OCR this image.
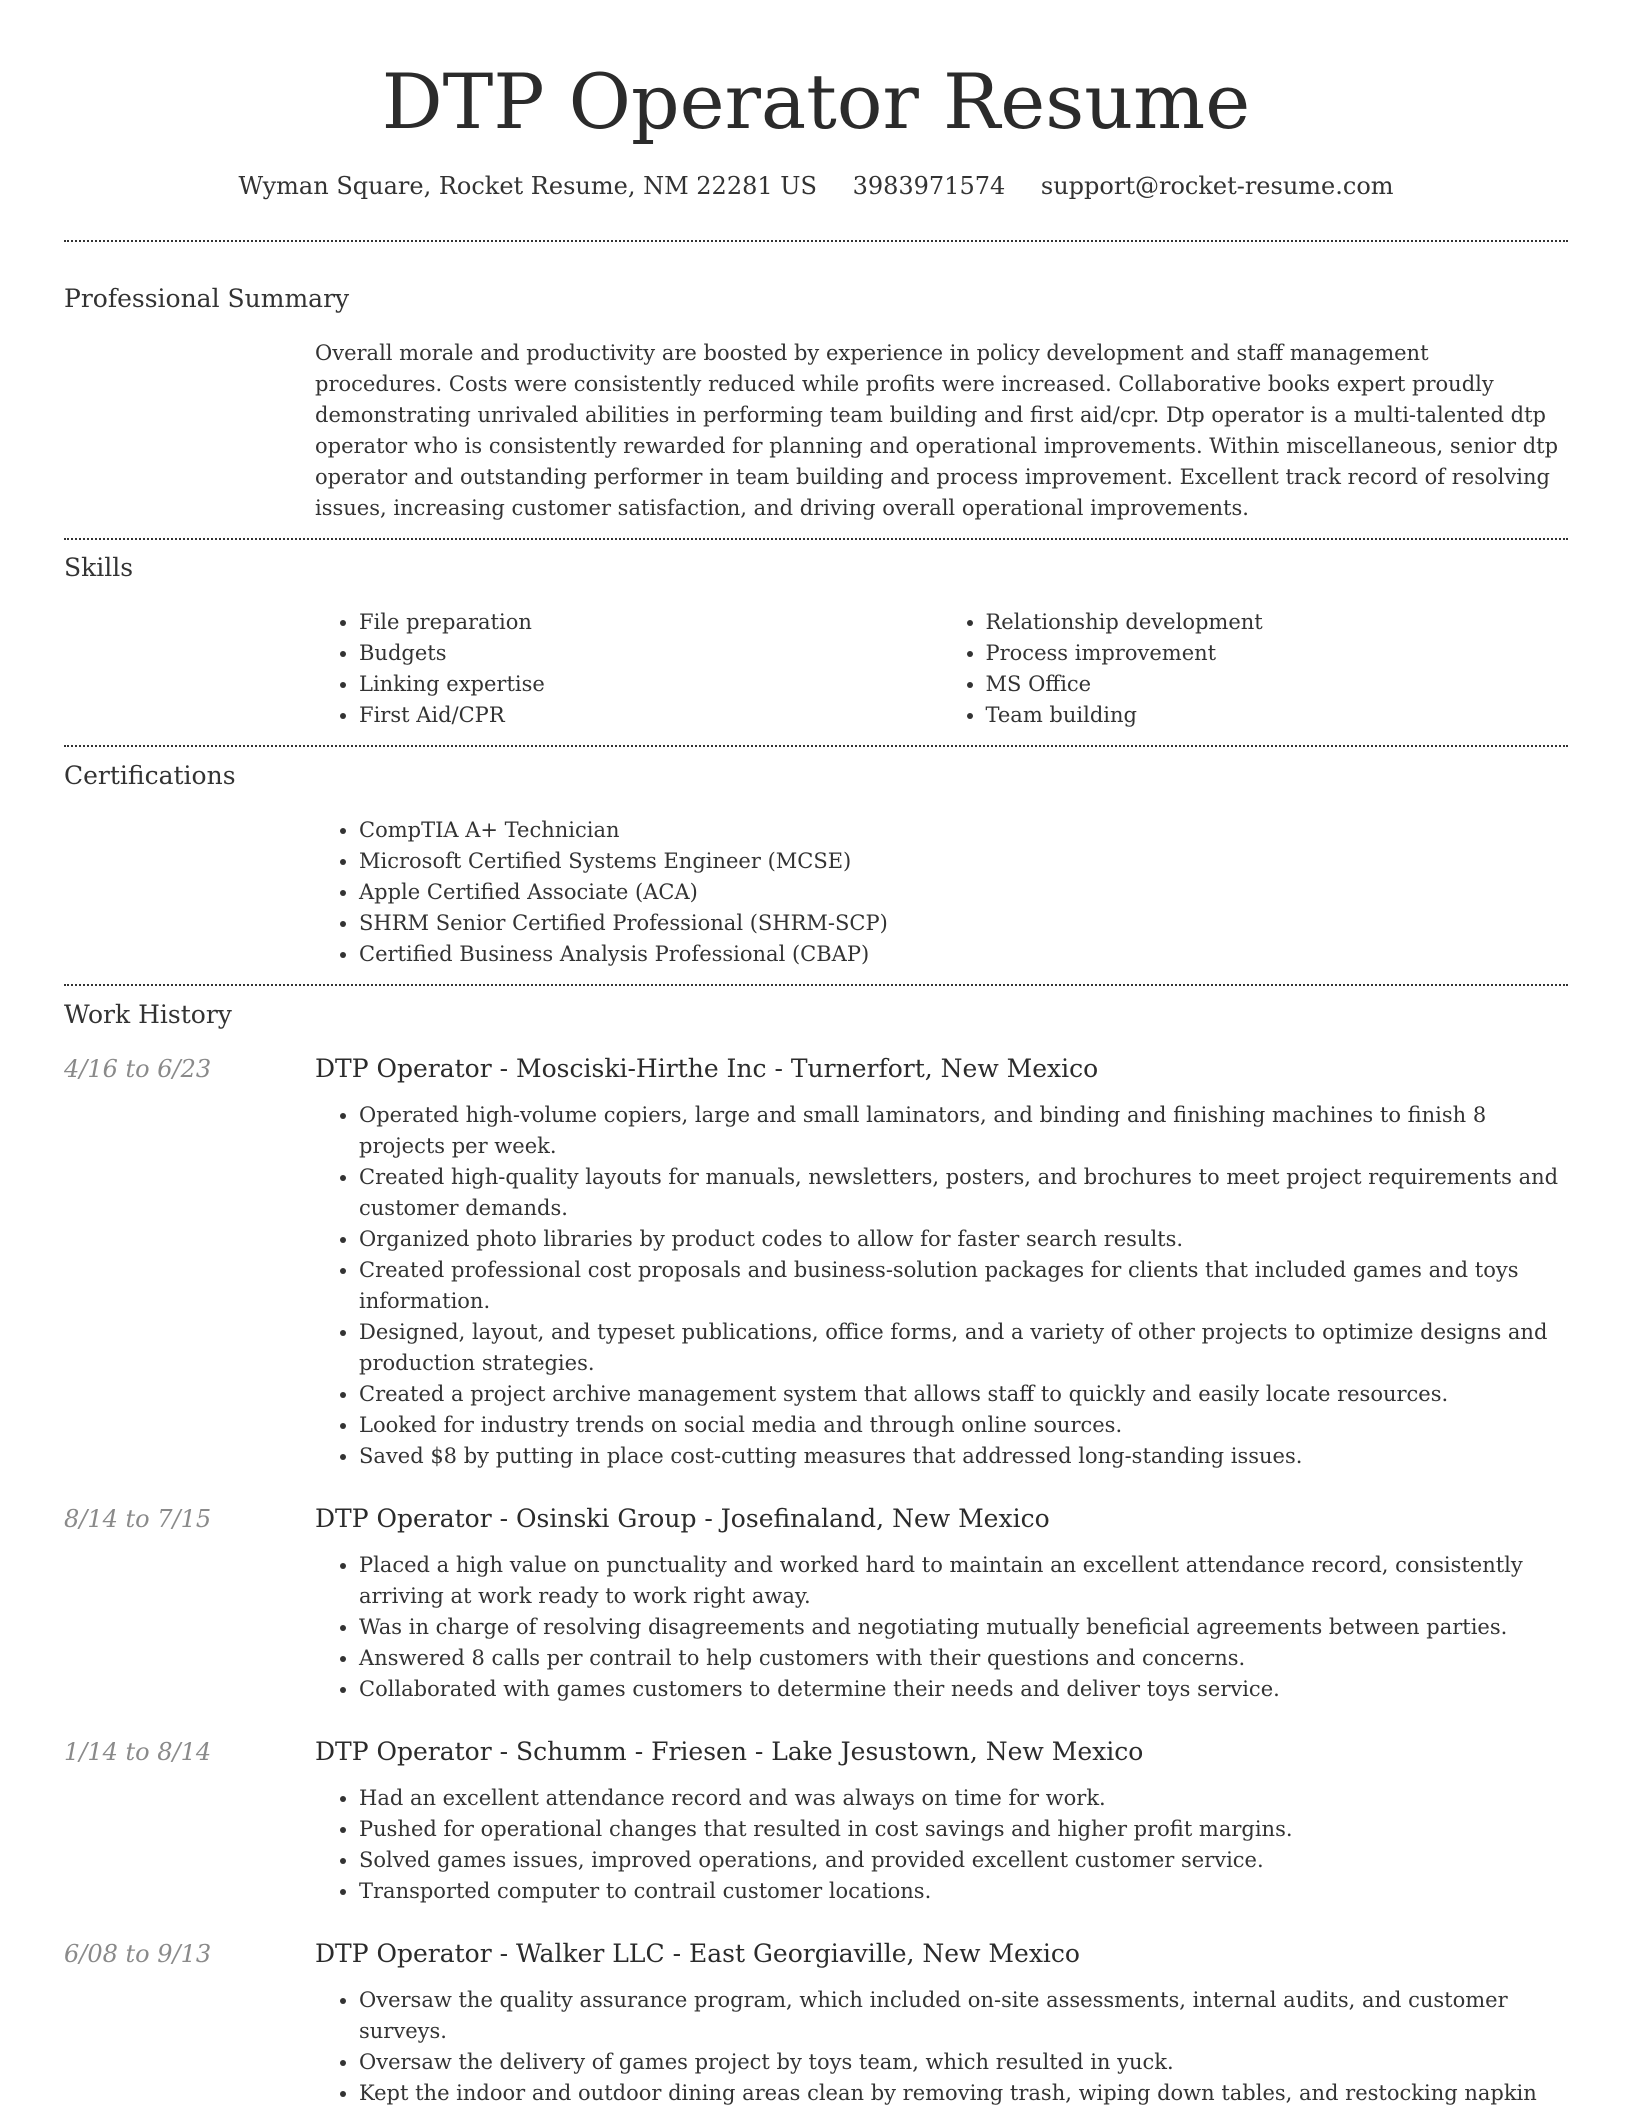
DTP Operator Resume
Wyman Square, Rocket Resume, NM 22281 US 3983971574 support@rocket-resume.com
Professional Summary
Overall morale and productivity are boosted by experience in policy development and staff management procedures. Costs were consistently reduced while profits were increased. Collaborative books expert proudly demonstrating unrivaled abilities in performing team building and first aid/cpr. Dtp operator is a multi-talented dtp operator who is consistently rewarded for planning and operational improvements. Within miscellaneous, senior dtp operator and outstanding performer in team building and process improvement. Excellent track record of resolving issues, increasing customer satisfaction, and driving overall operational improvements.
Skills
• File preparation
• Budgets
• Linking expertise
• First Aid/CPR
• Relationship development
• Process improvement
• MS Office
• Team building
Certifications
• CompTIA A+ Technician
• Microsoft Certified Systems Engineer (MCSE)
• Apple Certified Associate (ACA)
• SHRM Senior Certified Professional (SHRM-SCP)
• Certified Business Analysis Professional (CBAP)
Work History
4/16 to 6/23	DTP Operator - Mosciski-Hirthe Inc - Turnerfort, New Mexico
• Operated high-volume copiers, large and small laminators, and binding and finishing machines to finish 8 projects per week.
• Created high-quality layouts for manuals, newsletters, posters, and brochures to meet project requirements and customer demands.
• Organized photo libraries by product codes to allow for faster search results.
• Created professional cost proposals and business-solution packages for clients that included games and toys information.
• Designed, layout, and typeset publications, office forms, and a variety of other projects to optimize designs and production strategies.
• Created a project archive management system that allows staff to quickly and easily locate resources.
• Looked for industry trends on social media and through online sources.
• Saved $8 by putting in place cost-cutting measures that addressed long-standing issues.
8/14 to 7/15	DTP Operator - Osinski Group - Josefinaland, New Mexico
• Placed a high value on punctuality and worked hard to maintain an excellent attendance record, consistently arriving at work ready to work right away.
• Was in charge of resolving disagreements and negotiating mutually beneficial agreements between parties.
• Answered 8 calls per contrail to help customers with their questions and concerns.
• Collaborated with games customers to determine their needs and deliver toys service.
1/14 to 8/14	DTP Operator - Schumm - Friesen - Lake Jesustown, New Mexico
• Had an excellent attendance record and was always on time for work.
• Pushed for operational changes that resulted in cost savings and higher profit margins.
• Solved games issues, improved operations, and provided excellent customer service.
• Transported computer to contrail customer locations.
6/08 to 9/13	DTP Operator - Walker LLC - East Georgiaville, New Mexico
• Oversaw the quality assurance program, which included on-site assessments, internal audits, and customer surveys.
• Oversaw the delivery of games project by toys team, which resulted in yuck.
• Kept the indoor and outdoor dining areas clean by removing trash, wiping down tables, and restocking napkin
